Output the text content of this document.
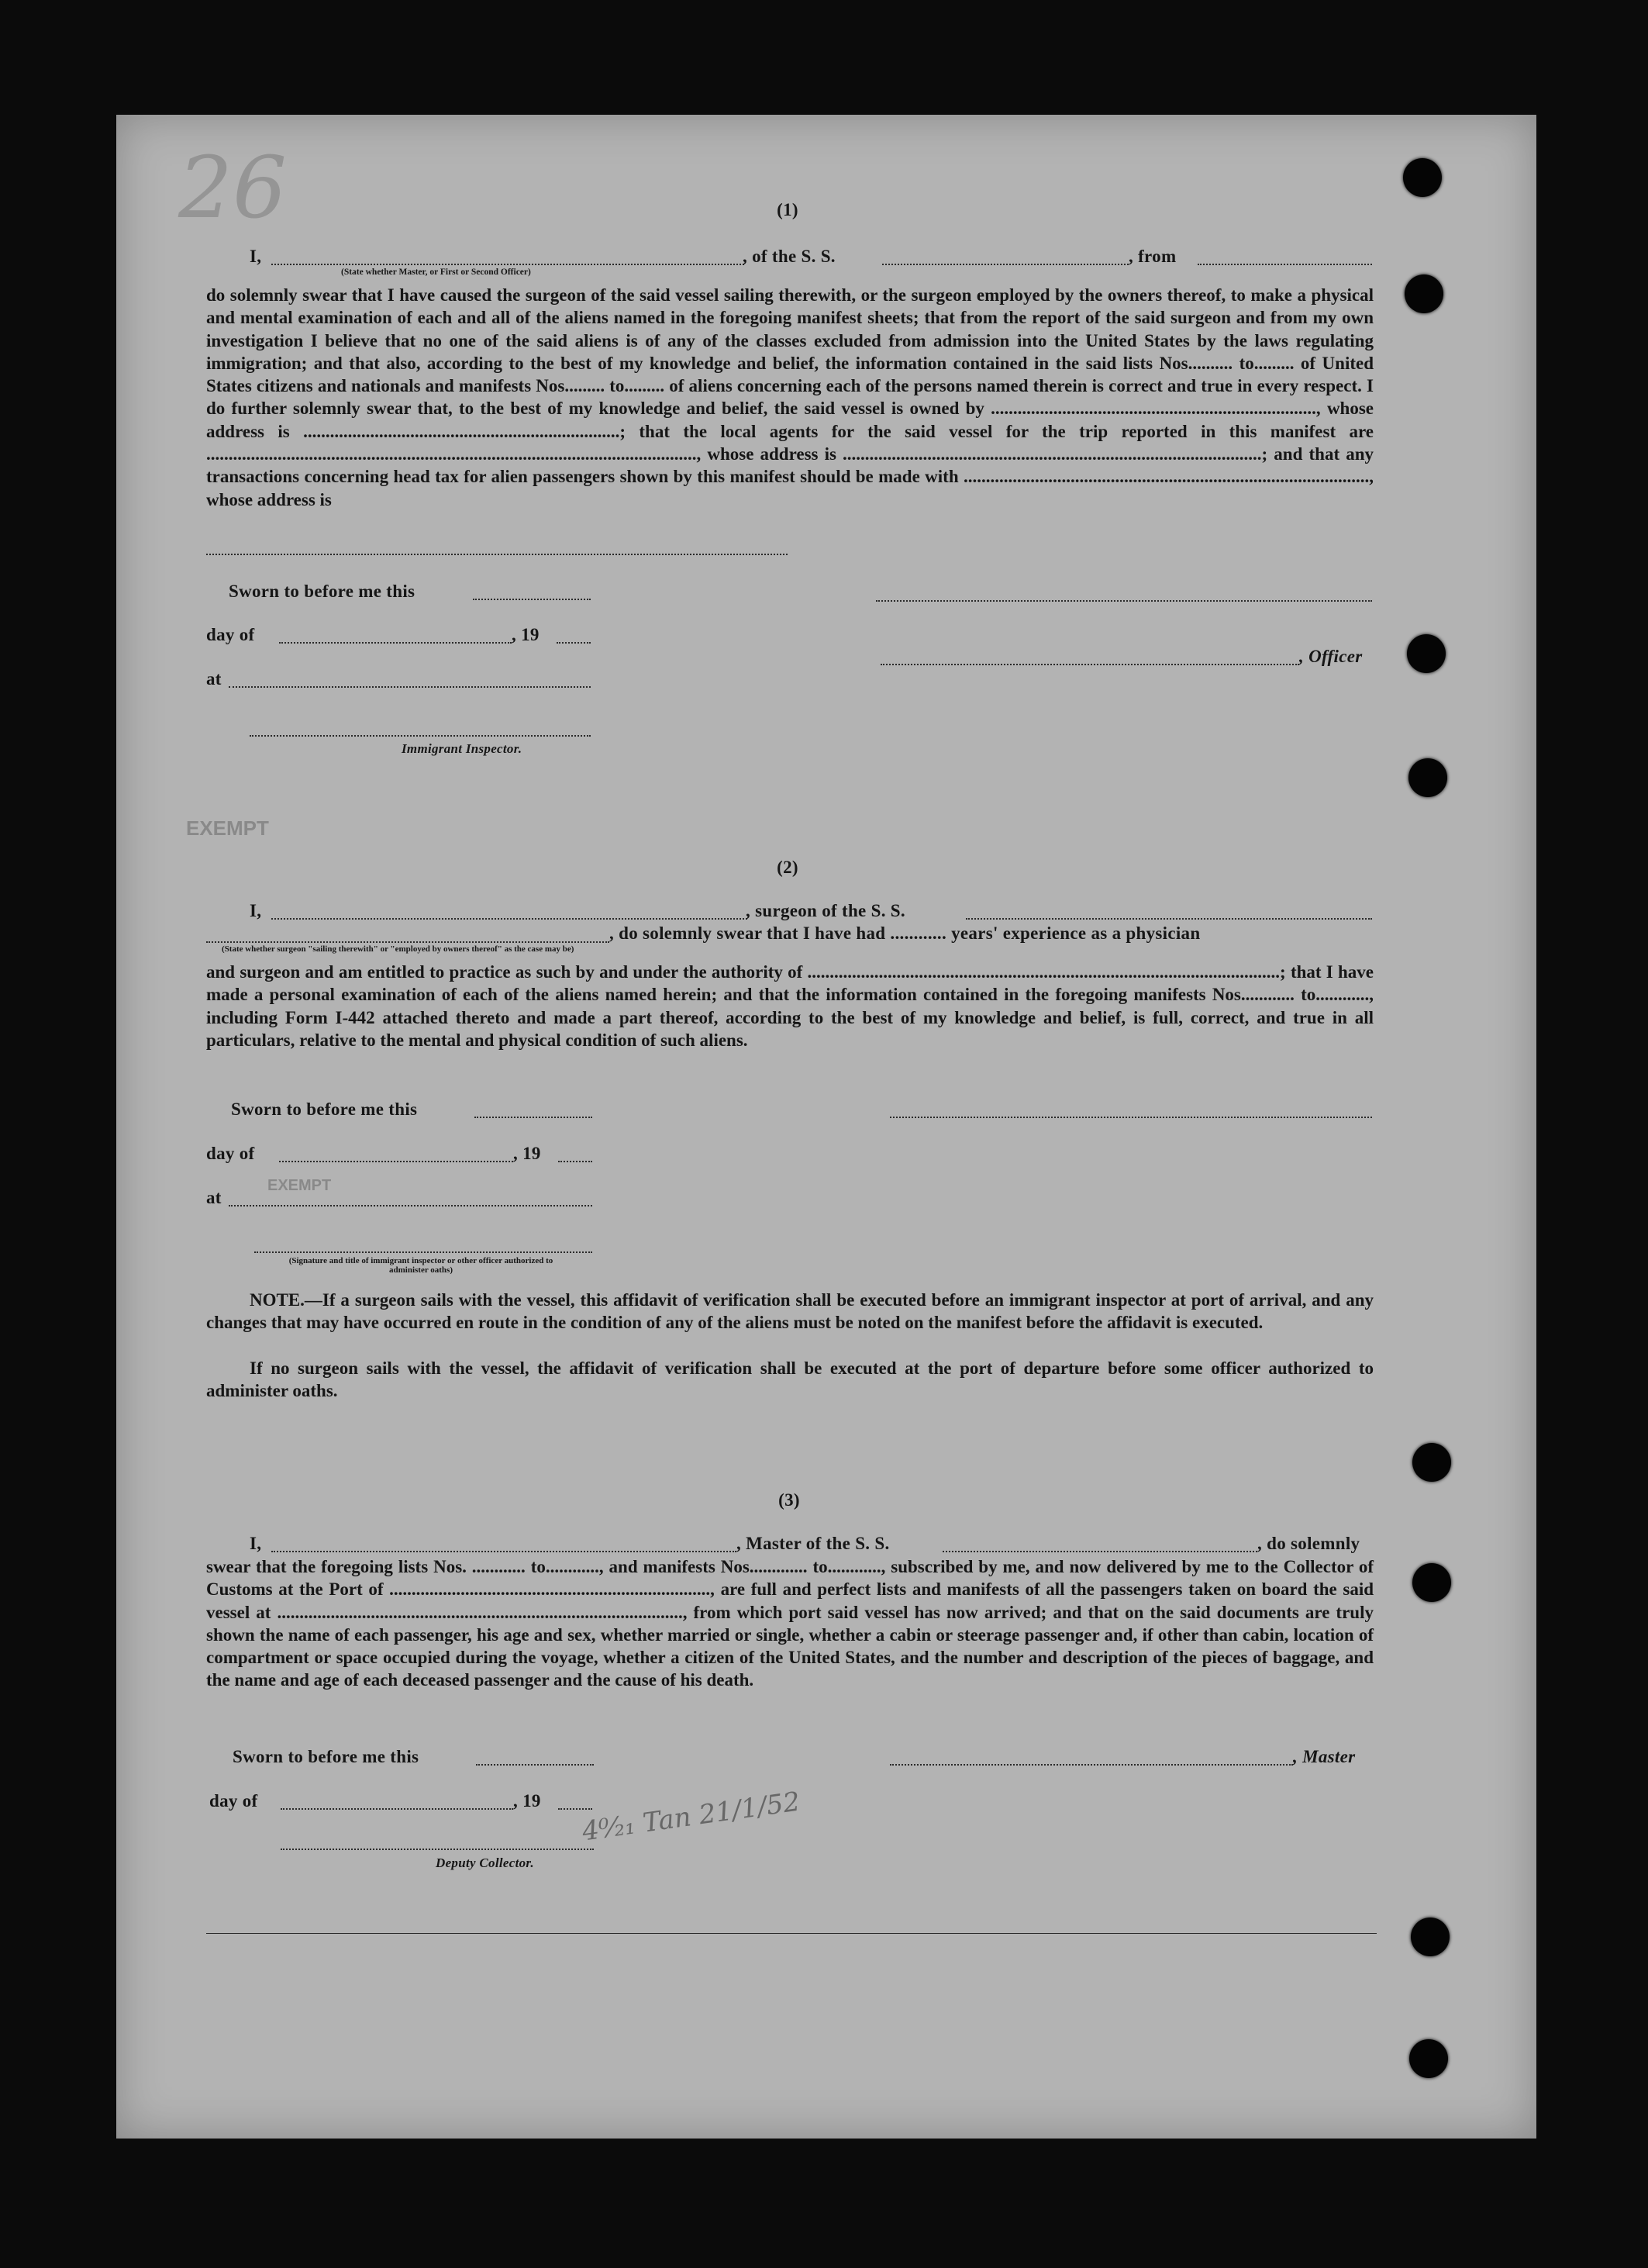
EXEMPT
EXEMPT
26
4⁰⁄₂₁ Tan 21/1/52
(1)
I,	, of the S. S.	, from
(State whether Master, or First or Second Officer)
do solemnly swear that I have caused the surgeon of the said vessel sailing therewith, or the surgeon employed by the owners thereof, to make a physical and mental examination of each and all of the aliens named in the foregoing manifest sheets; that from the report of the said surgeon and from my own investigation I believe that no one of the said aliens is of any of the classes excluded from admission into the United States by the laws regulating immigration; and that also, according to the best of my knowledge and belief, the information contained in the said lists Nos.......... to......... of United States citizens and nationals and manifests Nos......... to......... of aliens concerning each of the persons named therein is correct and true in every respect. I do further solemnly swear that, to the best of my knowledge and belief, the said vessel is owned by ........................................................................., whose address is .......................................................................; that the local agents for the said vessel for the trip reported in this manifest are .............................................................................................................., whose address is ..............................................................................................; and that any transactions concerning head tax for alien passengers shown by this manifest should be made with ..........................................................................................., whose address is
Sworn to before me this
day of	, 19
, Officer
at
Immigrant Inspector.
(2)
I,	, surgeon of the S. S.
, do solemnly swear that I have had ............ years' experience as a physician
(State whether surgeon "sailing therewith" or "employed by owners thereof" as the case may be)
and surgeon and am entitled to practice as such by and under the authority of ..........................................................................................................; that I have made a personal examination of each of the aliens named herein; and that the information contained in the foregoing manifests Nos............ to............, including Form I-442 attached thereto and made a part thereof, according to the best of my knowledge and belief, is full, correct, and true in all particulars, relative to the mental and physical condition of such aliens.
Sworn to before me this
day of	, 19
at
(Signature and title of immigrant inspector or other officer authorized to administer oaths)
NOTE.—If a surgeon sails with the vessel, this affidavit of verification shall be executed before an immigrant inspector at port of arrival, and any changes that may have occurred en route in the condition of any of the aliens must be noted on the manifest before the affidavit is executed.
If no surgeon sails with the vessel, the affidavit of verification shall be executed at the port of departure before some officer authorized to administer oaths.
(3)
I,	, Master of the S. S.	, do solemnly
swear that the foregoing lists Nos. ............ to............, and manifests Nos............. to............, subscribed by me, and now delivered by me to the Collector of Customs at the Port of ........................................................................, are full and perfect lists and manifests of all the passengers taken on board the said vessel at ..........................................................................................., from which port said vessel has now arrived; and that on the said documents are truly shown the name of each passenger, his age and sex, whether married or single, whether a cabin or steerage passenger and, if other than cabin, location of compartment or space occupied during the voyage, whether a citizen of the United States, and the number and description of the pieces of baggage, and the name and age of each deceased passenger and the cause of his death.
Sworn to before me this	, Master
day of	, 19
Deputy Collector.
